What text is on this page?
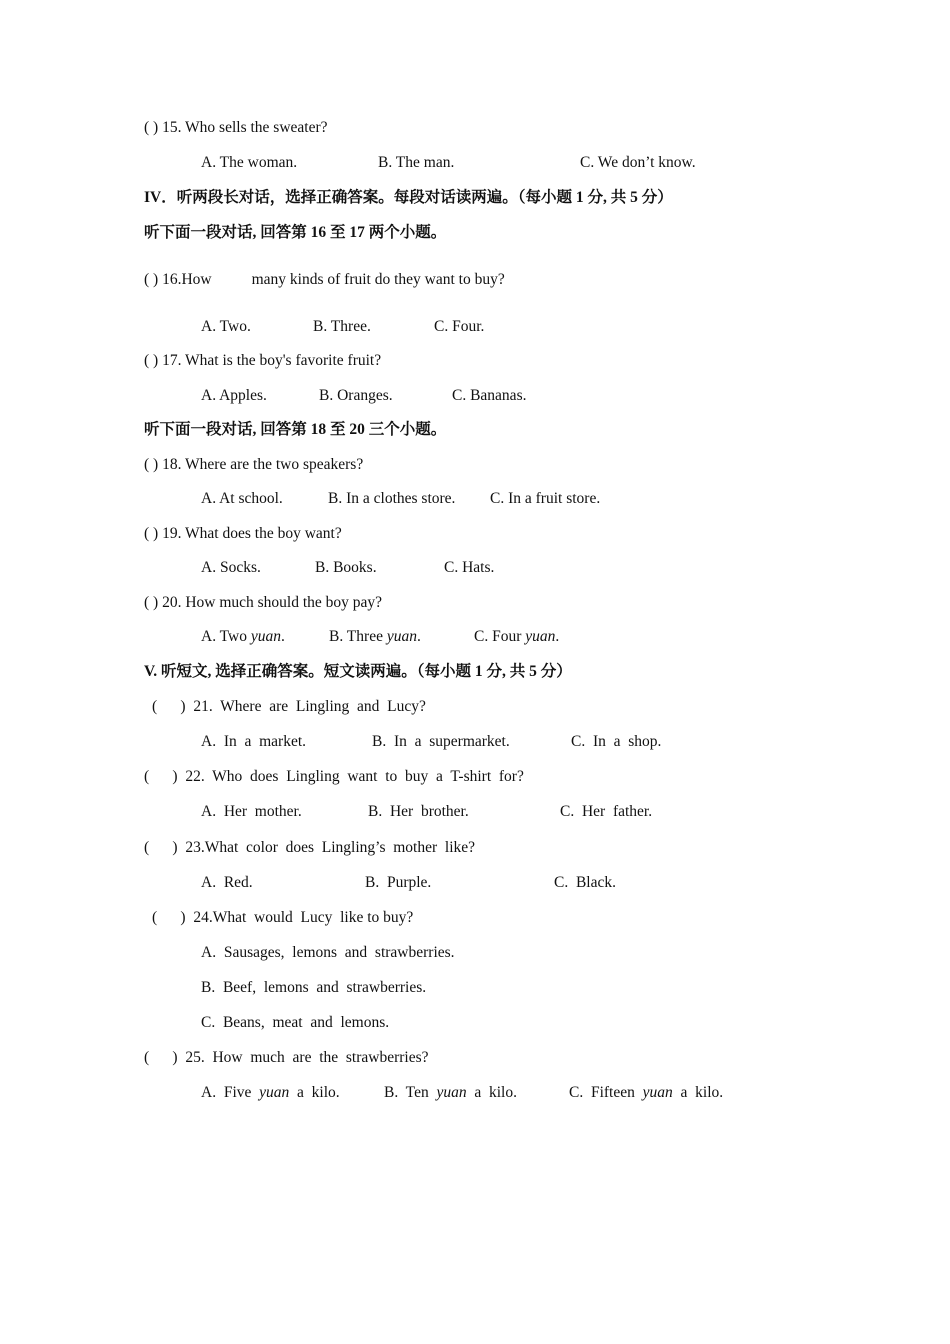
( ) 15. Who sells the sweater?
A. The woman.	B. The man.	C. We don’t know.
IV．听两段长对话，选择正确答案。每段对话读两遍。（每小题 1 分, 共 5 分）
听下面一段对话, 回答第 16 至 17 两个小题。
( ) 16.How	many kinds of fruit do they want to buy?
A. Two.	B. Three.	C. Four.
( ) 17. What is the boy's favorite fruit?
A. Apples.	B. Oranges.	C. Bananas.
听下面一段对话, 回答第 18 至 20 三个小题。
( ) 18. Where are the two speakers?
A. At school.	B. In a clothes store. C. In a fruit store.
( ) 19. What does the boy want?
A. Socks.	B. Books.	C. Hats.
( ) 20. How much should the boy pay?
A. Two yuan.	B. Three yuan.	C. Four yuan.
V. 听短文, 选择正确答案。短文读两遍。（每小题 1 分, 共 5 分）
(      )  21.  Where  are  Lingling  and  Lucy?
A.  In  a  market.	B.  In  a  supermarket.	C.  In  a  shop.
(      )  22.  Who  does  Lingling  want  to  buy  a  T-shirt  for?
A.  Her  mother.	B.  Her  brother.	C.  Her  father.
(      )  23.What  color  does  Lingling’s  mother  like?
A.  Red.	B.  Purple.	C.  Black.
(      )  24.What  would  Lucy  like to buy?
A.  Sausages,  lemons  and  strawberries.
B.  Beef,  lemons  and  strawberries.
C.  Beans,  meat  and  lemons.
(      )  25.  How  much  are  the  strawberries?
A.  Five yuan a  kilo.	B.  Ten yuan a  kilo.	C.  Fifteen yuan a  kilo.
